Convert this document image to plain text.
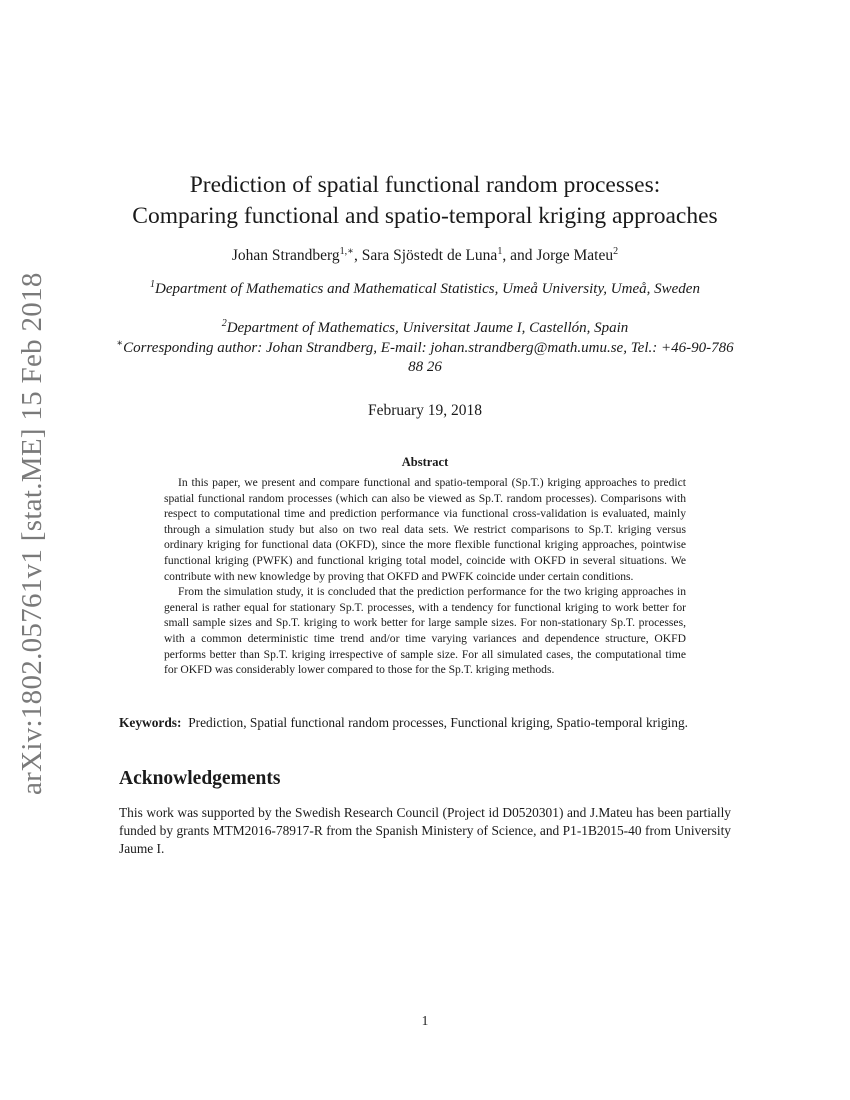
arXiv:1802.05761v1 [stat.ME] 15 Feb 2018
Prediction of spatial functional random processes:
Comparing functional and spatio-temporal kriging approaches
Johan Strandberg$^{1,∗}$, Sara Sjöstedt de Luna$^1$, and Jorge Mateu$^2$
$^1$Department of Mathematics and Mathematical Statistics, Umeå University, Umeå, Sweden
$^2$Department of Mathematics, Universitat Jaume I, Castellón, Spain
∗Corresponding author: Johan Strandberg, E-mail: johan.strandberg@math.umu.se, Tel.: +46-90-786 88 26
February 19, 2018
Abstract

In this paper, we present and compare functional and spatio-temporal (Sp.T.) kriging approaches to predict spatial functional random processes (which can also be viewed as Sp.T. random processes). Comparisons with respect to computational time and prediction performance via functional cross-validation is evaluated, mainly through a simulation study but also on two real data sets. We restrict comparisons to Sp.T. kriging versus ordinary kriging for functional data (OKFD), since the more flexible functional kriging approaches, pointwise functional kriging (PWFK) and functional kriging total model, coincide with OKFD in several situations. We contribute with new knowledge by proving that OKFD and PWFK coincide under certain conditions.

From the simulation study, it is concluded that the prediction performance for the two kriging approaches in general is rather equal for stationary Sp.T. processes, with a tendency for functional kriging to work better for small sample sizes and Sp.T. kriging to work better for large sample sizes. For non-stationary Sp.T. processes, with a common deterministic time trend and/or time varying variances and dependence structure, OKFD performs better than Sp.T. kriging irrespective of sample size. For all simulated cases, the computational time for OKFD was considerably lower compared to those for the Sp.T. kriging methods.

Keywords: Prediction, Spatial functional random processes, Functional kriging, Spatio-temporal kriging.
Acknowledgements
This work was supported by the Swedish Research Council (Project id D0520301) and J.Mateu has been partially funded by grants MTM2016-78917-R from the Spanish Ministery of Science, and P1-1B2015-40 from University Jaume I.
1
